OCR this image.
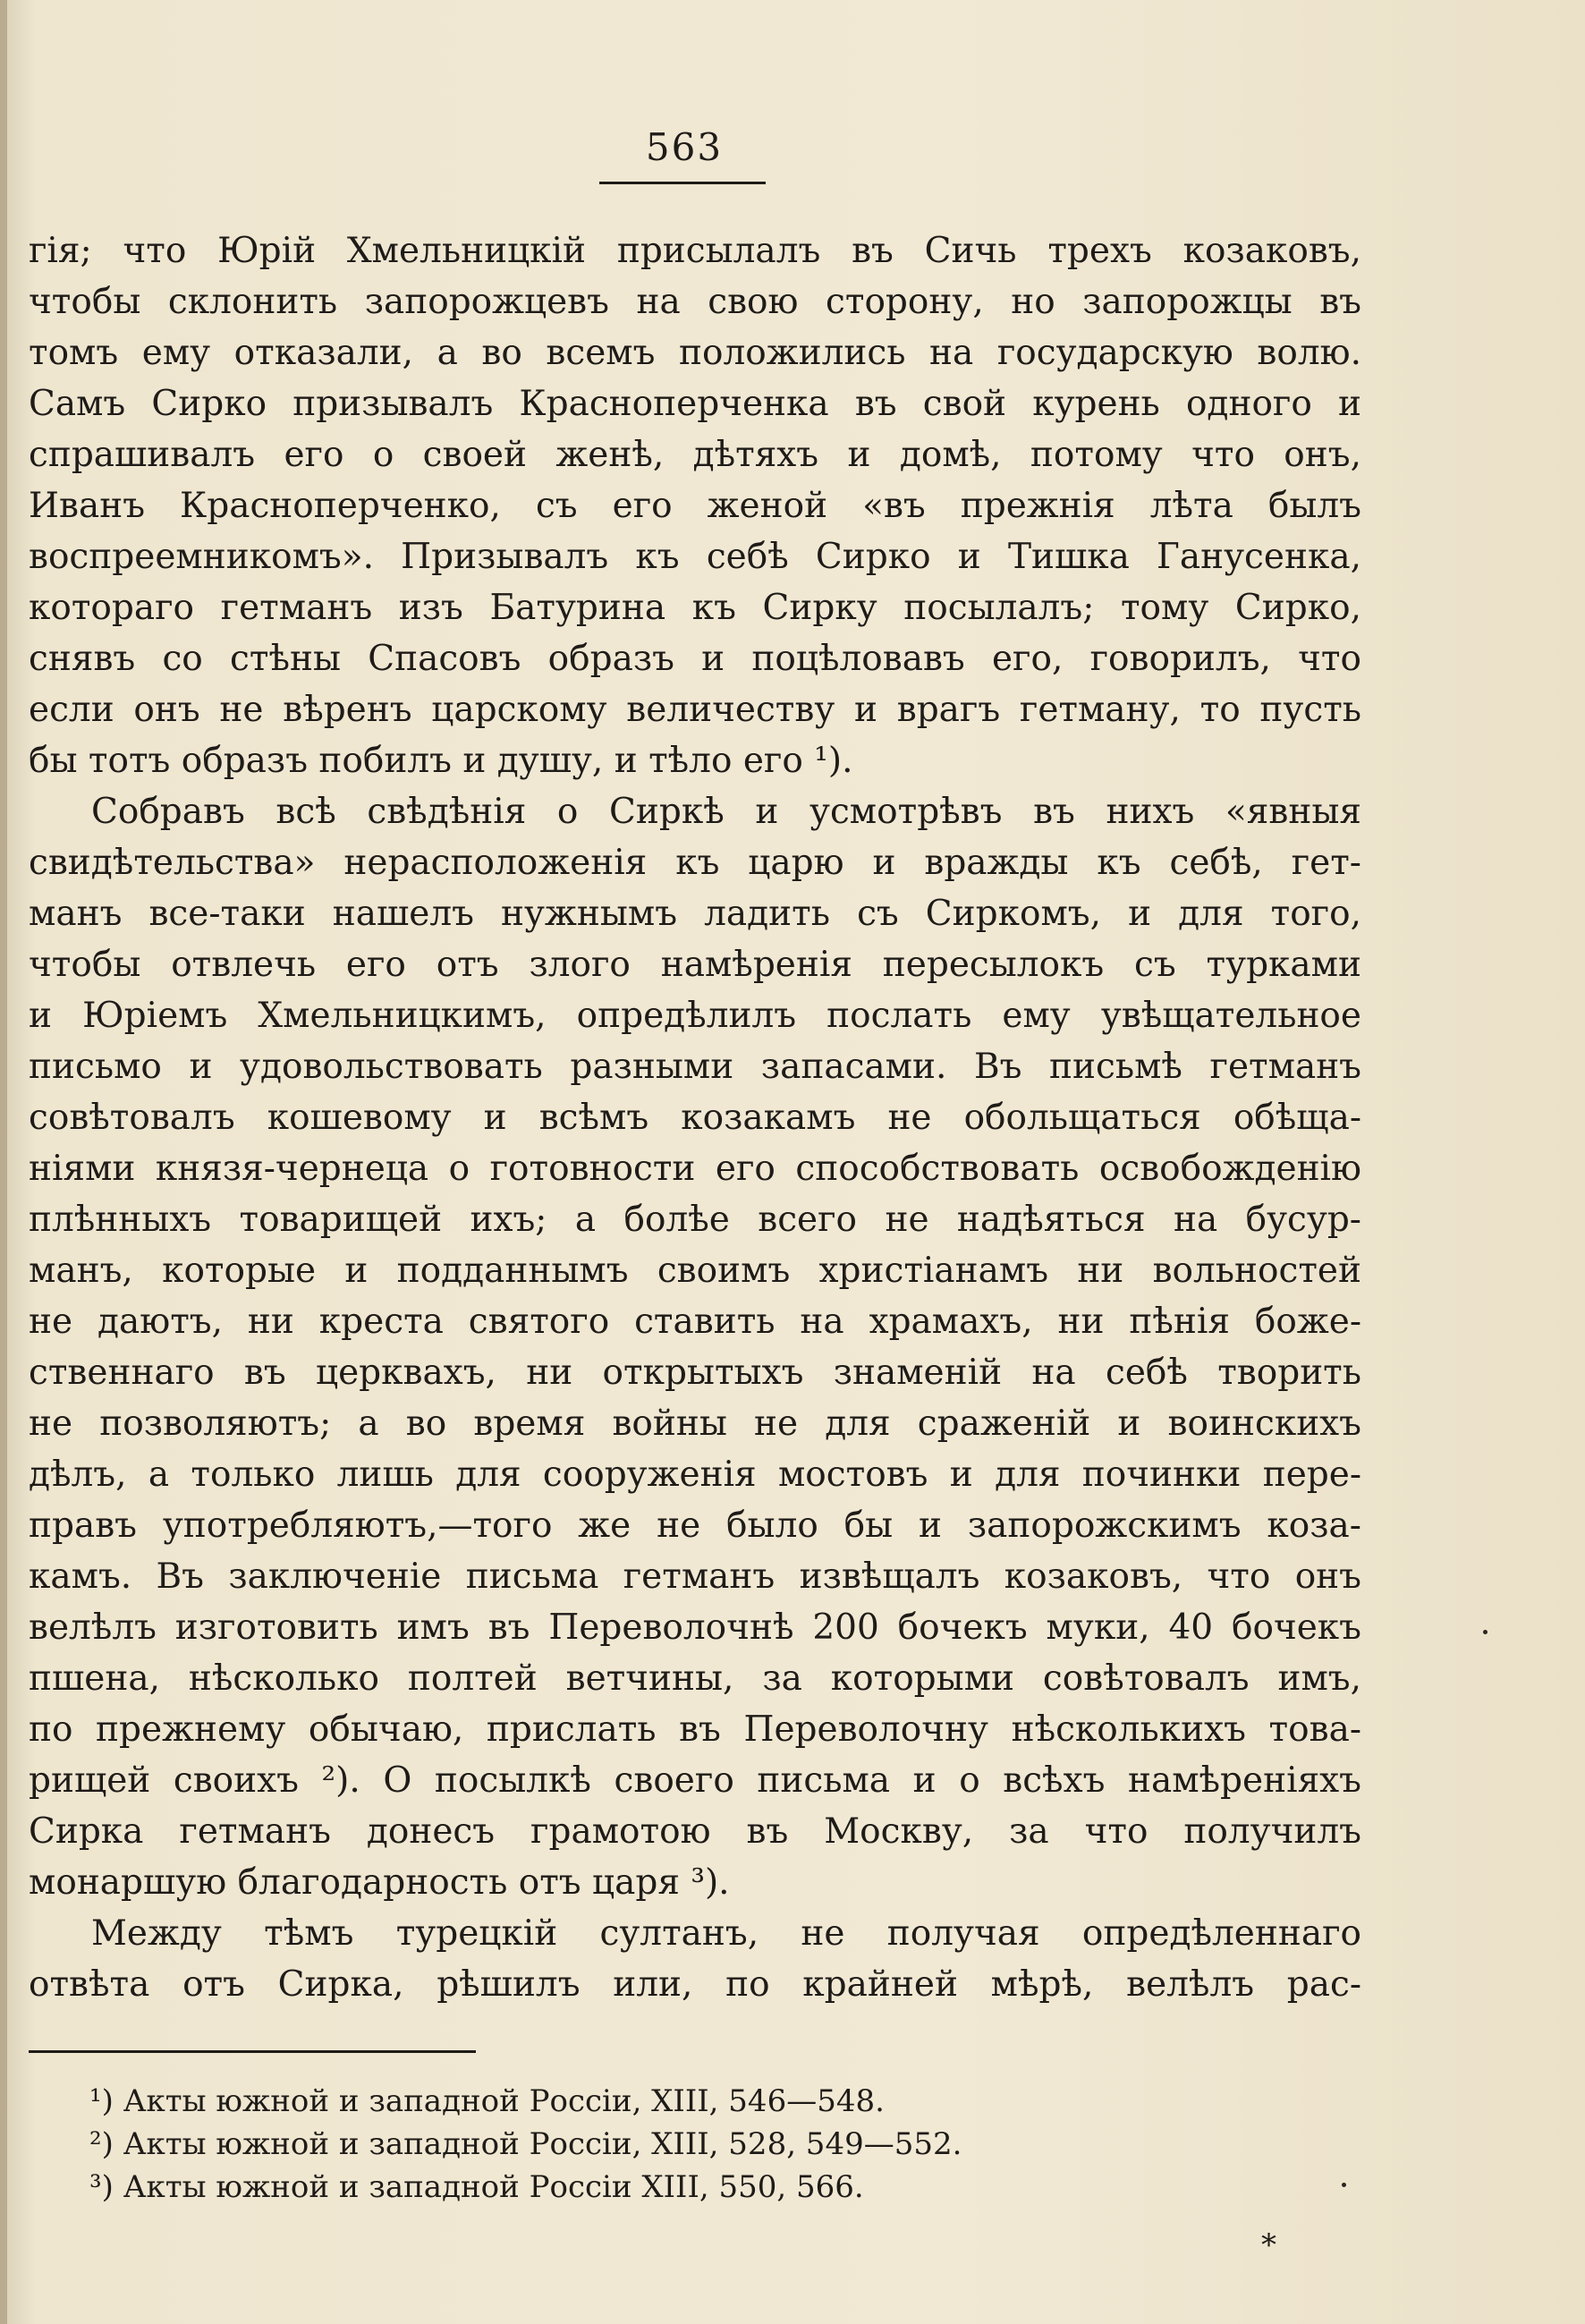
563
гія; что Юрій Хмельницкій присылалъ въ Сичь трехъ козаковъ,
чтобы склонить запорожцевъ на свою сторону, но запорожцы въ
томъ ему отказали, а во всемъ положились на государскую волю.
Самъ Сирко призывалъ Красноперченка въ свой курень одного и
спрашивалъ его о своей женѣ, дѣтяхъ и домѣ, потому что онъ,
Иванъ Красноперченко, съ его женой «въ прежнія лѣта былъ
воспреемникомъ». Призывалъ къ себѣ Сирко и Тишка Ганусенка,
котораго гетманъ изъ Батурина къ Сирку посылалъ; тому Сирко,
снявъ со стѣны Спасовъ образъ и поцѣловавъ его, говорилъ, что
если онъ не вѣренъ царскому величеству и врагъ гетману, то пусть
бы тотъ образъ побилъ и душу, и тѣло его ¹).
Собравъ всѣ свѣдѣнія о Сиркѣ и усмотрѣвъ въ нихъ «явныя
свидѣтельства» нерасположенія къ царю и вражды къ себѣ, гет-
манъ все-таки нашелъ нужнымъ ладить съ Сиркомъ, и для того,
чтобы отвлечь его отъ злого намѣренія пересылокъ съ турками
и Юріемъ Хмельницкимъ, опредѣлилъ послать ему увѣщательное
письмо и удовольствовать разными запасами. Въ письмѣ гетманъ
совѣтовалъ кошевому и всѣмъ козакамъ не обольщаться обѣща-
ніями князя-чернеца о готовности его способствовать освобожденію
плѣнныхъ товарищей ихъ; а болѣе всего не надѣяться на бусур-
манъ, которые и подданнымъ своимъ христіанамъ ни вольностей
не даютъ, ни креста святого ставить на храмахъ, ни пѣнія боже-
ственнаго въ церквахъ, ни открытыхъ знаменій на себѣ творить
не позволяютъ; а во время войны не для сраженій и воинскихъ
дѣлъ, а только лишь для сооруженія мостовъ и для починки пере-
правъ употребляютъ,—того же не было бы и запорожскимъ коза-
камъ. Въ заключеніе письма гетманъ извѣщалъ козаковъ, что онъ
велѣлъ изготовить имъ въ Переволочнѣ 200 бочекъ муки, 40 бочекъ
пшена, нѣсколько полтей ветчины, за которыми совѣтовалъ имъ,
по прежнему обычаю, прислать въ Переволочну нѣсколькихъ това-
рищей своихъ ²). О посылкѣ своего письма и о всѣхъ намѣреніяхъ
Сирка гетманъ донесъ грамотою въ Москву, за что получилъ
монаршую благодарность отъ царя ³).
Между тѣмъ турецкій султанъ, не получая опредѣленнаго
отвѣта отъ Сирка, рѣшилъ или, по крайней мѣрѣ, велѣлъ рас-
¹) Акты южной и западной Россіи, XIII, 546—548.
²) Акты южной и западной Россіи, XIII, 528, 549—552.
³) Акты южной и западной Россіи XIII, 550, 566.
*
